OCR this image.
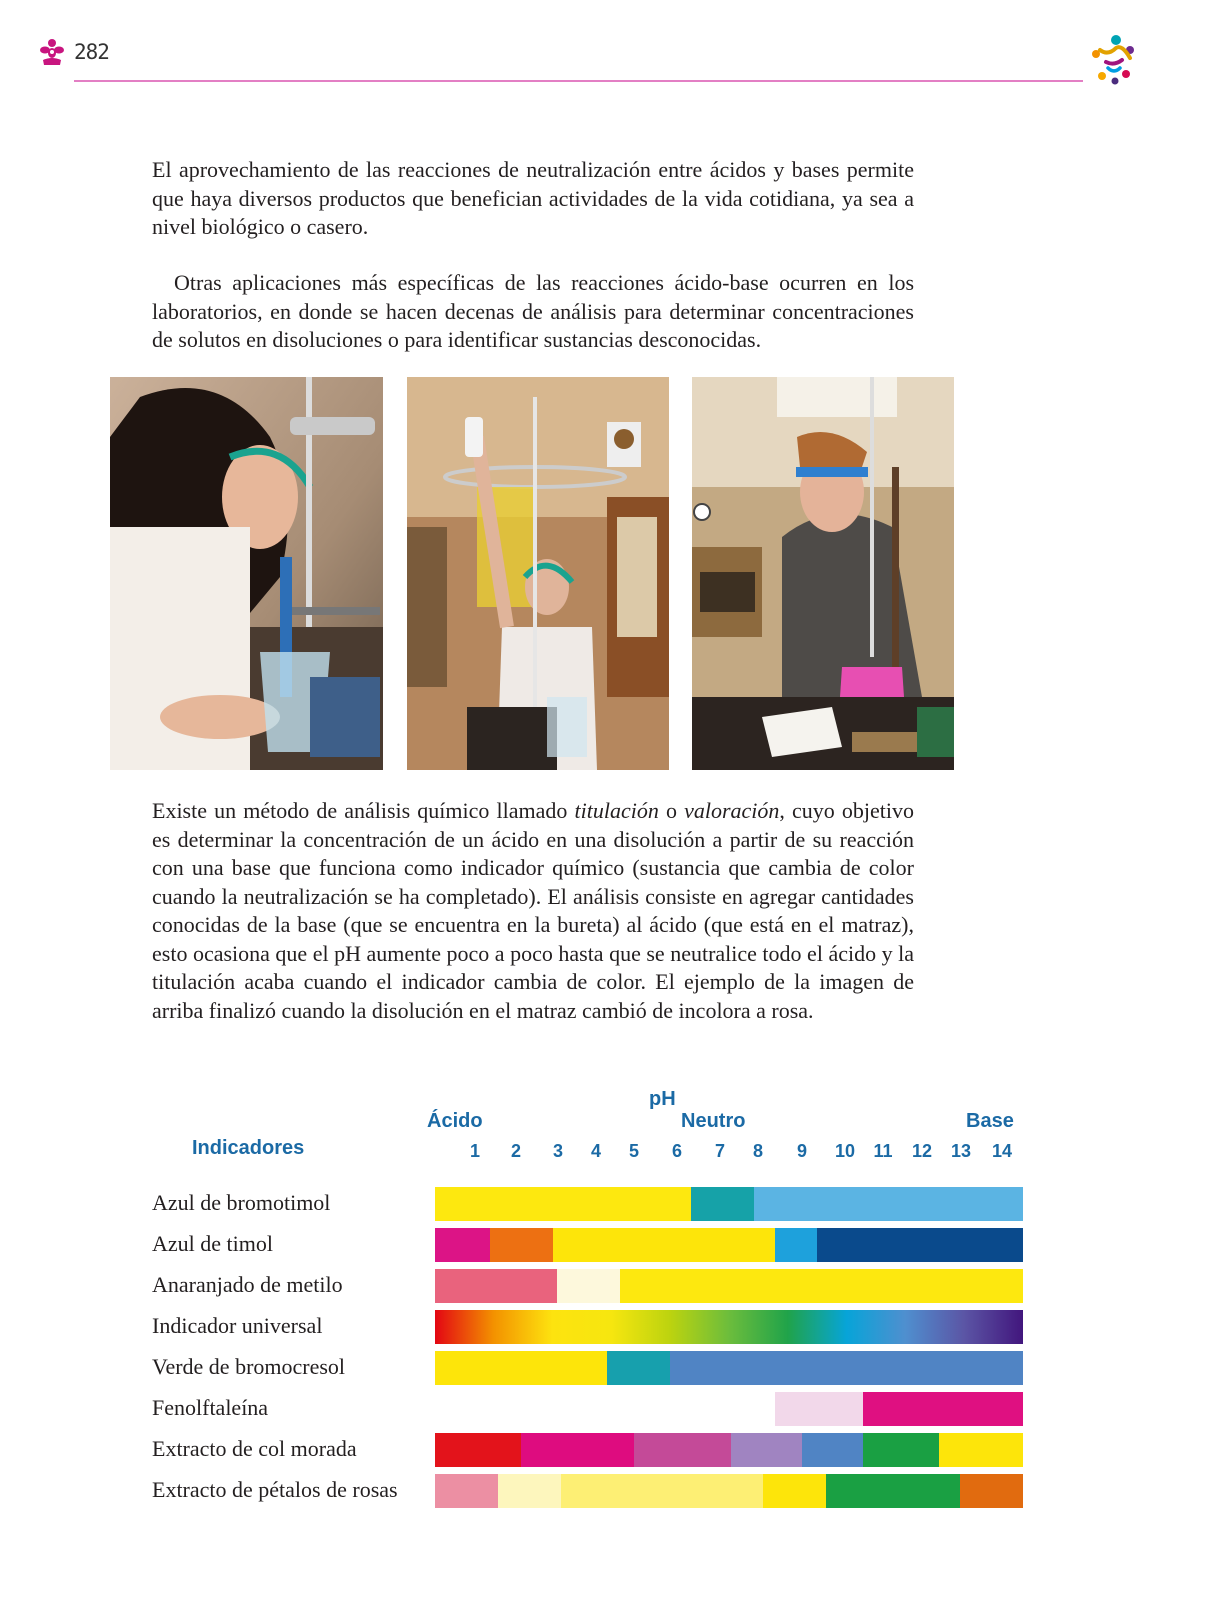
282

El aprovechamiento de las reacciones de neutralización entre ácidos y bases permite que haya diversos productos que benefician actividades de la vida cotidiana, ya sea a nivel biológico o casero.

Otras aplicaciones más específicas de las reacciones ácido-base ocurren en los laboratorios, en donde se hacen decenas de análisis para determinar concentraciones de solutos en disoluciones o para identificar sustancias desconocidas.

Existe un método de análisis químico llamado titulación o valoración, cuyo objetivo es determinar la concentración de un ácido en una disolución a partir de su reacción con una base que funciona como indicador químico (sustancia que cambia de color cuando la neutralización se ha completado). El análisis consiste en agregar cantidades conocidas de la base (que se encuentra en la bureta) al ácido (que está en el matraz), esto ocasiona que el pH aumente poco a poco hasta que se neutralice todo el ácido y la titulación acaba cuando el indicador cambia de color. El ejemplo de la imagen de arriba finalizó cuando la disolución en el matraz cambió de incolora a rosa.

pH
Ácido	Neutro	Base
Indicadores	1	2	3	4	5	6	7	8	9	10	11	12 13 14
Azul de bromotimol
Azul de timol
Anaranjado de metilo
Indicador universal
Verde de bromocresol
Fenolftaleína
Extracto de col morada
Extracto de pétalos de rosas
